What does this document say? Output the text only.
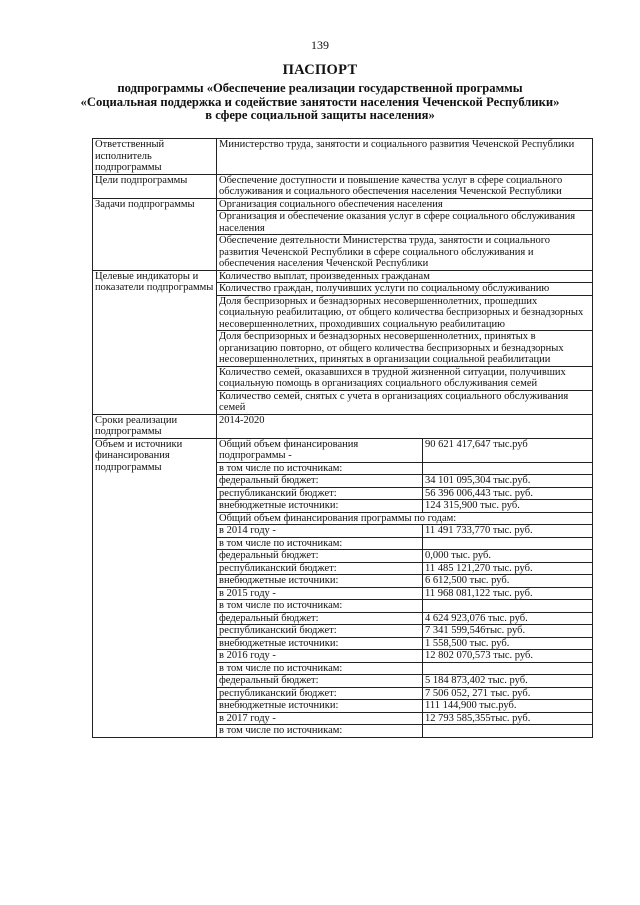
139
ПАСПОРТ
подпрограммы «Обеспечение реализации государственной программы «Социальная поддержка и содействие занятости населения Чеченской Республики» в сфере социальной защиты населения»
Ответственный исполнитель подпрограммы	Министерство труда, занятости и социального развития Чеченской Республики	
Цели подпрограммы	Обеспечение доступности и повышение качества услуг в сфере социального обслуживания и социального обеспечения населения Чеченской Республики	
Задачи подпрограммы	Организация социального обеспечения населения	
	Организация и обеспечение оказания услуг в сфере социального обслуживания населения	
	Обеспечение деятельности Министерства труда, занятости и социального развития Чеченской Республики в сфере социального обслуживания и обеспечения населения Чеченской Республики	
Целевые индикаторы и показатели подпрограммы	Количество выплат, произведенных гражданам	
	Количество граждан, получивших услуги по социальному обслуживанию	
	Доля беспризорных и безнадзорных несовершеннолетних, прошедших социальную реабилитацию, от общего количества беспризорных и безнадзорных несовершеннолетних, проходивших социальную реабилитацию	
	Доля беспризорных и безнадзорных несовершеннолетних, принятых в организацию повторно, от общего количества беспризорных и безнадзорных несовершеннолетних, принятых в организации социальной реабилитации	
	Количество семей, оказавшихся в трудной жизненной ситуации, получивших социальную помощь в организациях социального обслуживания семей	
	Количество семей, снятых с учета в организациях социального обслуживания семей	
Сроки реализации подпрограммы	2014-2020	
Объем и источники финансирования подпрограммы	Общий объем финансирования подпрограммы -	90 621 417,647 тыс.руб
	в том числе по источникам:	
	федеральный бюджет:	34 101 095,304 тыс.руб.
	республиканский бюджет:	56 396 006,443 тыс. руб.
	внебюджетные источники:	124 315,900 тыс. руб.
	Общий объем финансирования программы по годам:	
	в 2014 году -	11 491 733,770 тыс. руб.
	в том числе по источникам:	
	федеральный бюджет:	0,000 тыс. руб.
	республиканский бюджет:	11 485 121,270 тыс. руб.
	внебюджетные источники:	6 612,500 тыс. руб.
	в 2015 году -	11 968 081,122 тыс. руб.
	в том числе по источникам:	
	федеральный бюджет:	4 624 923,076 тыс. руб.
	республиканский бюджет:	7 341 599,546тыс. руб.
	внебюджетные источники:	1 558,500 тыс. руб.
	в 2016 году -	12 802 070,573 тыс. руб.
	в том числе по источникам:	
	федеральный бюджет:	5 184 873,402 тыс. руб.
	республиканский бюджет:	7 506 052, 271 тыс. руб.
	внебюджетные источники:	111 144,900 тыс.руб.
	в 2017 году -	12 793 585,355тыс. руб.
	в том числе по источникам:	
